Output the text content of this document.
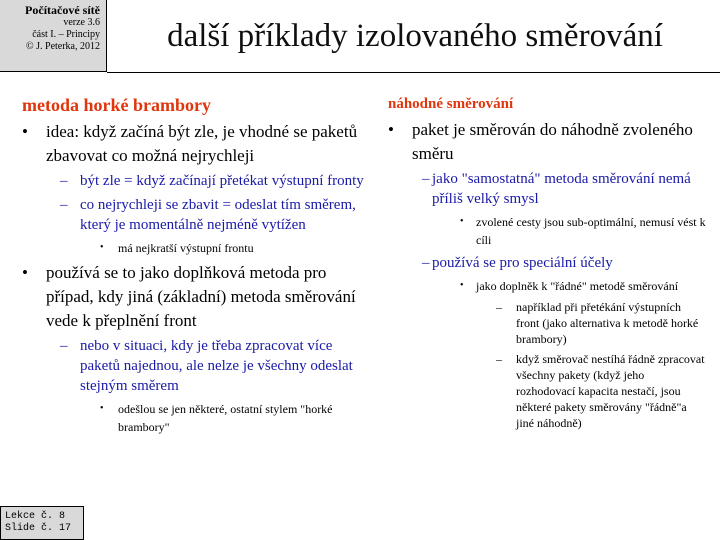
Počítačové sítě
verze 3.6
část I. – Principy
© J. Peterka, 2012	další příklady izolovaného směrování
metoda horké brambory
• idea: když začíná být zle, je vhodné se paketů zbavovat co možná nejrychleji
– být zle = když začínají přetékat výstupní fronty
– co nejrychleji se zbavit = odeslat tím směrem, který je momentálně nejméně vytížen
• má nejkratší výstupní frontu
• používá se to jako doplňková metoda pro případ, kdy jiná (základní) metoda směrování vede k přeplnění front
– nebo v situaci, kdy je třeba zpracovat více paketů najednou, ale nelze je všechny odeslat stejným směrem
• odešlou se jen některé, ostatní stylem "horké brambory"
náhodné směrování
• paket je směrován do náhodně zvoleného směru
– jako "samostatná" metoda směrování nemá příliš velký smysl
• zvolené cesty jsou sub-optimální, nemusí vést k cíli
– používá se pro speciální účely
• jako doplněk k "řádné" metodě směrování
– například při přetékání výstupních front (jako alternativa k metodě horké brambory)
– když směrovač nestíhá řádně zpracovat všechny pakety (když jeho rozhodovací kapacita nestačí, jsou některé pakety směrovány "řádně"a jiné náhodně)
Lekce č. 8
Slide č. 17
